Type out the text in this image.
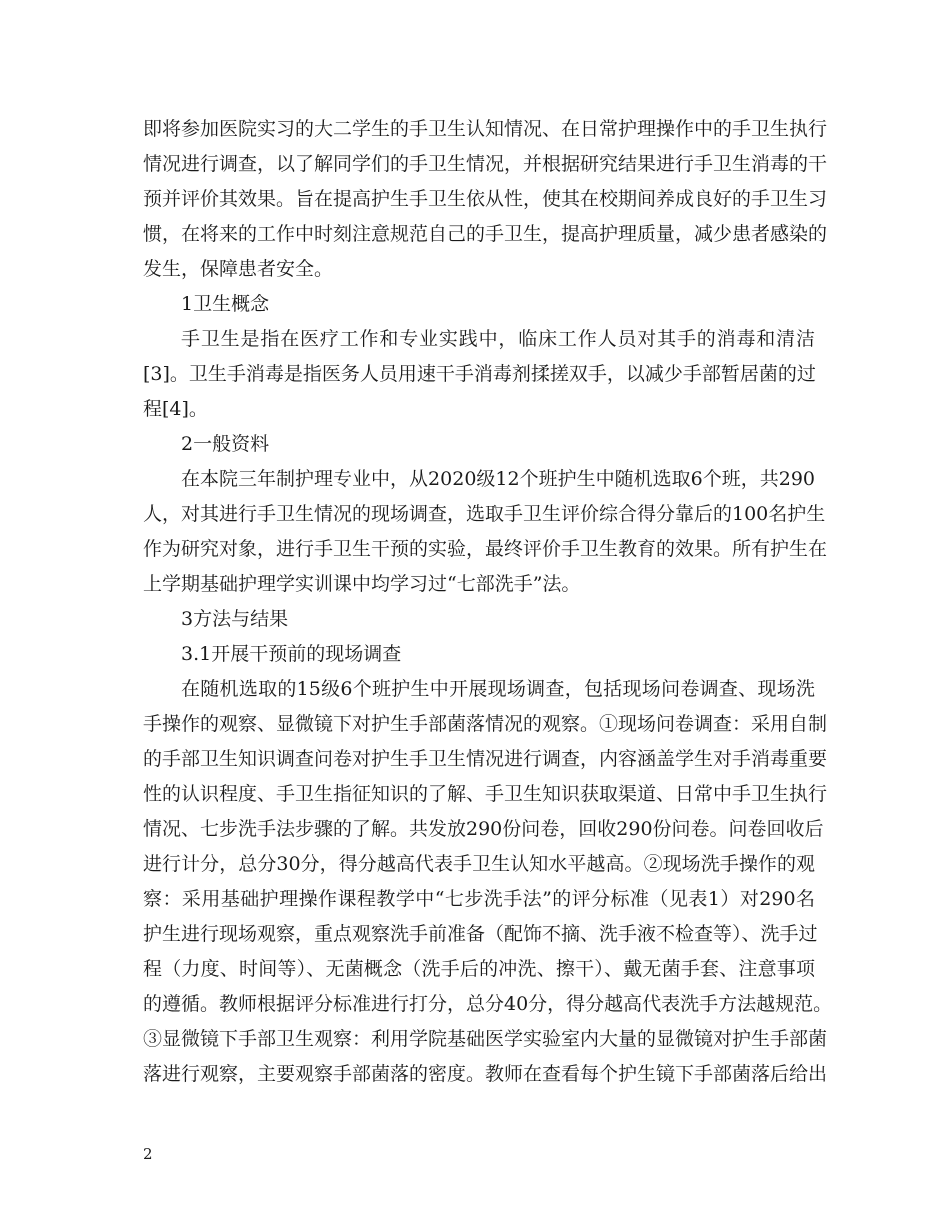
即将参加医院实习的大二学生的手卫生认知情况、在日常护理操作中的手卫生执行
情况进行调查，以了解同学们的手卫生情况，并根据研究结果进行手卫生消毒的干
预并评价其效果。旨在提高护生手卫生依从性，使其在校期间养成良好的手卫生习
惯，在将来的工作中时刻注意规范自己的手卫生，提高护理质量，减少患者感染的
发生，保障患者安全。
1卫生概念
手卫生是指在医疗工作和专业实践中，临床工作人员对其手的消毒和清洁
[3]。卫生手消毒是指医务人员用速干手消毒剂揉搓双手，以减少手部暂居菌的过
程[4]。
2一般资料
在本院三年制护理专业中，从2020级12个班护生中随机选取6个班，共290
人，对其进行手卫生情况的现场调查，选取手卫生评价综合得分靠后的100名护生
作为研究对象，进行手卫生干预的实验，最终评价手卫生教育的效果。所有护生在
上学期基础护理学实训课中均学习过“七部洗手”法。
3方法与结果
3.1开展干预前的现场调查
在随机选取的15级6个班护生中开展现场调查，包括现场问卷调查、现场洗
手操作的观察、显微镜下对护生手部菌落情况的观察。①现场问卷调查：采用自制
的手部卫生知识调查问卷对护生手卫生情况进行调查，内容涵盖学生对手消毒重要
性的认识程度、手卫生指征知识的了解、手卫生知识获取渠道、日常中手卫生执行
情况、七步洗手法步骤的了解。共发放290份问卷，回收290份问卷。问卷回收后
进行计分，总分30分，得分越高代表手卫生认知水平越高。②现场洗手操作的观
察：采用基础护理操作课程教学中“七步洗手法”的评分标准（见表1）对290名
护生进行现场观察，重点观察洗手前准备（配饰不摘、洗手液不检查等）、洗手过
程（力度、时间等）、无菌概念（洗手后的冲洗、擦干）、戴无菌手套、注意事项
的遵循。教师根据评分标准进行打分，总分40分，得分越高代表洗手方法越规范。
③显微镜下手部卫生观察：利用学院基础医学实验室内大量的显微镜对护生手部菌
落进行观察，主要观察手部菌落的密度。教师在查看每个护生镜下手部菌落后给出
2
